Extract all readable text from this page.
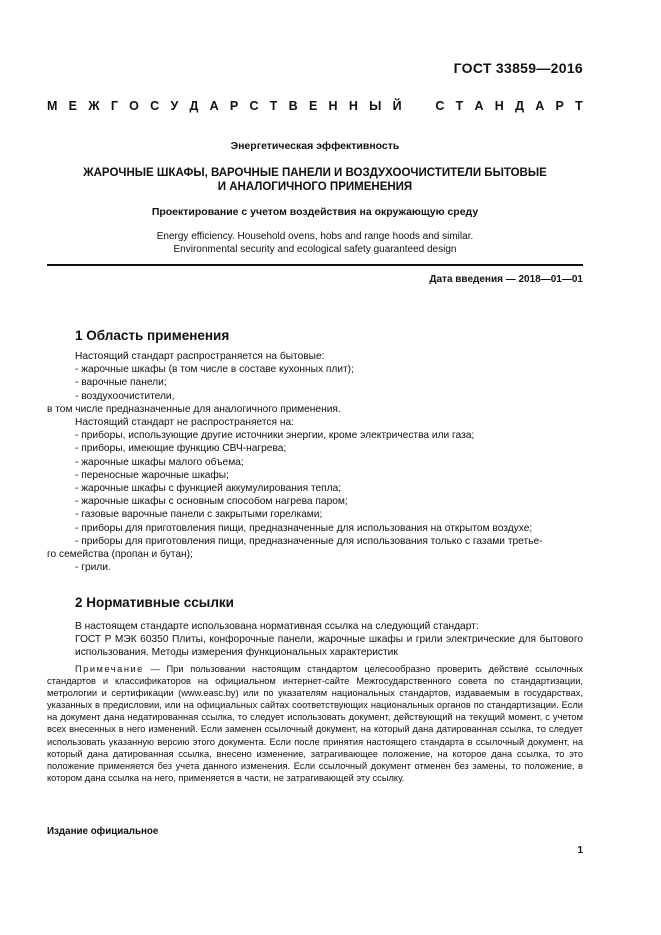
ГОСТ 33859—2016
М Е Ж Г О С У Д А Р С Т В Е Н Н Ы Й	С Т А Н Д А Р Т
Энергетическая эффективность
ЖАРОЧНЫЕ ШКАФЫ, ВАРОЧНЫЕ ПАНЕЛИ И ВОЗДУХООЧИСТИТЕЛИ БЫТОВЫЕ
И АНАЛОГИЧНОГО ПРИМЕНЕНИЯ
Проектирование с учетом воздействия на окружающую среду
Energy efficiency. Household ovens, hobs and range hoods and similar.
Environmental security and ecological safety guaranteed design
Дата введения — 2018—01—01
1 Область применения
Настоящий стандарт распространяется на бытовые:
- жарочные шкафы (в том числе в составе кухонных плит);
- варочные панели;
- воздухоочистители,
в том числе предназначенные для аналогичного применения.
Настоящий стандарт не распространяется на:
- приборы, использующие другие источники энергии, кроме электричества или газа;
- приборы, имеющие функцию СВЧ-нагрева;
- жарочные шкафы малого объема;
- переносные жарочные шкафы;
- жарочные шкафы с функцией аккумулирования тепла;
- жарочные шкафы с основным способом нагрева паром;
- газовые варочные панели с закрытыми горелками;
- приборы для приготовления пищи, предназначенные для использования на открытом воздухе;
- приборы для приготовления пищи, предназначенные для использования только с газами третье-
го семейства (пропан и бутан);
- грили.
2 Нормативные ссылки
В настоящем стандарте использована нормативная ссылка на следующий стандарт:
ГОСТ Р МЭК 60350 Плиты, конфорочные панели, жарочные шкафы и грили электрические для бытового использования. Методы измерения функциональных характеристик
Примечание — При пользовании настоящим стандартом целесообразно проверить действие ссылочных стандартов и классификаторов на официальном интернет-сайте Межгосударственного совета по стандартизации, метрологии и сертификации (www.easc.by) или по указателям национальных стандартов, издаваемым в государствах, указанных в предисловии, или на официальных сайтах соответствующих национальных органов по стандартизации. Если на документ дана недатированная ссылка, то следует использовать документ, действующий на текущий момент, с учетом всех внесенных в него изменений. Если заменен ссылочный документ, на который дана датированная ссылка, то следует использовать указанную версию этого документа. Если после принятия настоящего стандарта в ссылочный документ, на который дана датированная ссылка, внесено изменение, затрагивающее положение, на которое дана ссылка, то это положение применяется без учета данного изменения. Если ссылочный документ отменен без замены, то положение, в котором дана ссылка на него, применяется в части, не затрагивающей эту ссылку.
Издание официальное
1
